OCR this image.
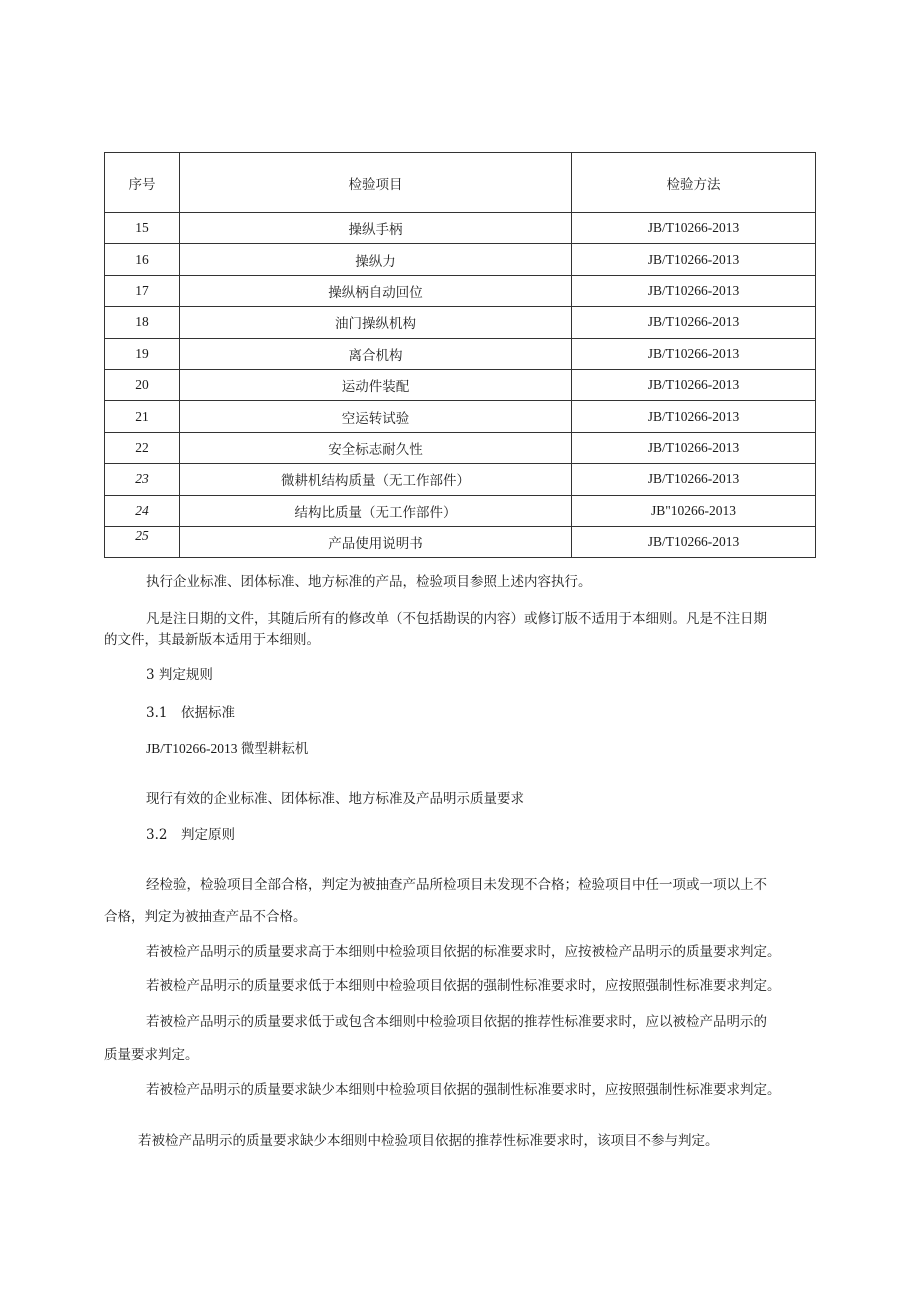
序号	检验项目	检验方法
15	操纵手柄	JB/T10266-2013
16	操纵力	JB/T10266-2013
17	操纵柄自动回位	JB/T10266-2013
18	油门操纵机构	JB/T10266-2013
19	离合机构	JB/T10266-2013
20	运动件装配	JB/T10266-2013
21	空运转试验	JB/T10266-2013
22	安全标志耐久性	JB/T10266-2013
23	微耕机结构质量（无工作部件）	JB/T10266-2013
24	结构比质量（无工作部件）	JB"10266-2013
25	产品使用说明书	JB/T10266-2013
执行企业标准、团体标准、地方标准的产品，检验项目参照上述内容执行。
凡是注日期的文件，其随后所有的修改单（不包括勘误的内容）或修订版不适用于本细则。凡是不注日期
的文件，其最新版本适用于本细则。
3 判定规则
3.1　依据标准
JB/T10266-2013 微型耕耘机
现行有效的企业标准、团体标准、地方标准及产品明示质量要求
3.2　判定原则
经检验，检验项目全部合格，判定为被抽查产品所检项目未发现不合格；检验项目中任一项或一项以上不
合格，判定为被抽查产品不合格。
若被检产品明示的质量要求高于本细则中检验项目依据的标准要求时，应按被检产品明示的质量要求判定。
若被检产品明示的质量要求低于本细则中检验项目依据的强制性标准要求时，应按照强制性标准要求判定。
若被检产品明示的质量要求低于或包含本细则中检验项目依据的推荐性标准要求时，应以被检产品明示的
质量要求判定。
若被检产品明示的质量要求缺少本细则中检验项目依据的强制性标准要求时，应按照强制性标准要求判定。
若被检产品明示的质量要求缺少本细则中检验项目依据的推荐性标准要求时，该项目不参与判定。
